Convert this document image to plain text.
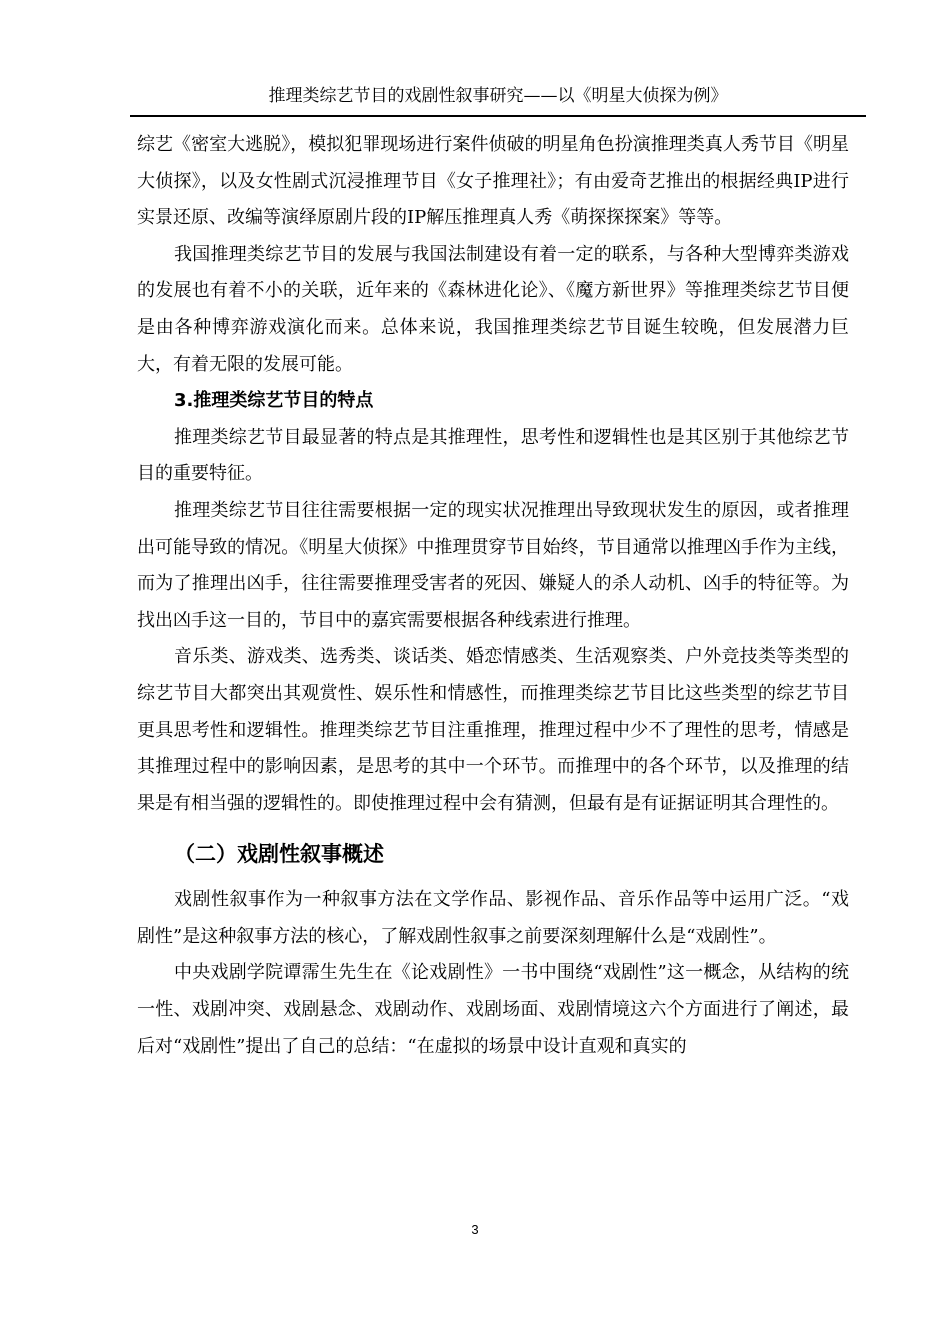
推理类综艺节目的戏剧性叙事研究——以《明星大侦探为例》

综艺《密室大逃脱》，模拟犯罪现场进行案件侦破的明星角色扮演推理类真人秀节目《明星大侦探》，以及女性剧式沉浸推理节目《女子推理社》；有由爱奇艺推出的根据经典IP进行实景还原、改编等演绎原剧片段的IP解压推理真人秀《萌探探探案》等等。

我国推理类综艺节目的发展与我国法制建设有着一定的联系，与各种大型博弈类游戏的发展也有着不小的关联，近年来的《森林进化论》、《魔方新世界》等推理类综艺节目便是由各种博弈游戏演化而来。总体来说，我国推理类综艺节目诞生较晚，但发展潜力巨大，有着无限的发展可能。

3.推理类综艺节目的特点

推理类综艺节目最显著的特点是其推理性，思考性和逻辑性也是其区别于其他综艺节目的重要特征。

推理类综艺节目往往需要根据一定的现实状况推理出导致现状发生的原因，或者推理出可能导致的情况。《明星大侦探》中推理贯穿节目始终，节目通常以推理凶手作为主线，而为了推理出凶手，往往需要推理受害者的死因、嫌疑人的杀人动机、凶手的特征等。为找出凶手这一目的，节目中的嘉宾需要根据各种线索进行推理。

音乐类、游戏类、选秀类、谈话类、婚恋情感类、生活观察类、户外竞技类等类型的综艺节目大都突出其观赏性、娱乐性和情感性，而推理类综艺节目比这些类型的综艺节目更具思考性和逻辑性。推理类综艺节目注重推理，推理过程中少不了理性的思考，情感是其推理过程中的影响因素，是思考的其中一个环节。而推理中的各个环节，以及推理的结果是有相当强的逻辑性的。即使推理过程中会有猜测，但最有是有证据证明其合理性的。

（二）戏剧性叙事概述

戏剧性叙事作为一种叙事方法在文学作品、影视作品、音乐作品等中运用广泛。“戏剧性”是这种叙事方法的核心，了解戏剧性叙事之前要深刻理解什么是“戏剧性”。

中央戏剧学院谭霈生先生在《论戏剧性》一书中围绕“戏剧性”这一概念，从结构的统一性、戏剧冲突、戏剧悬念、戏剧动作、戏剧场面、戏剧情境这六个方面进行了阐述，最后对“戏剧性”提出了自己的总结：“在虚拟的场景中设计直观和真实的

3
